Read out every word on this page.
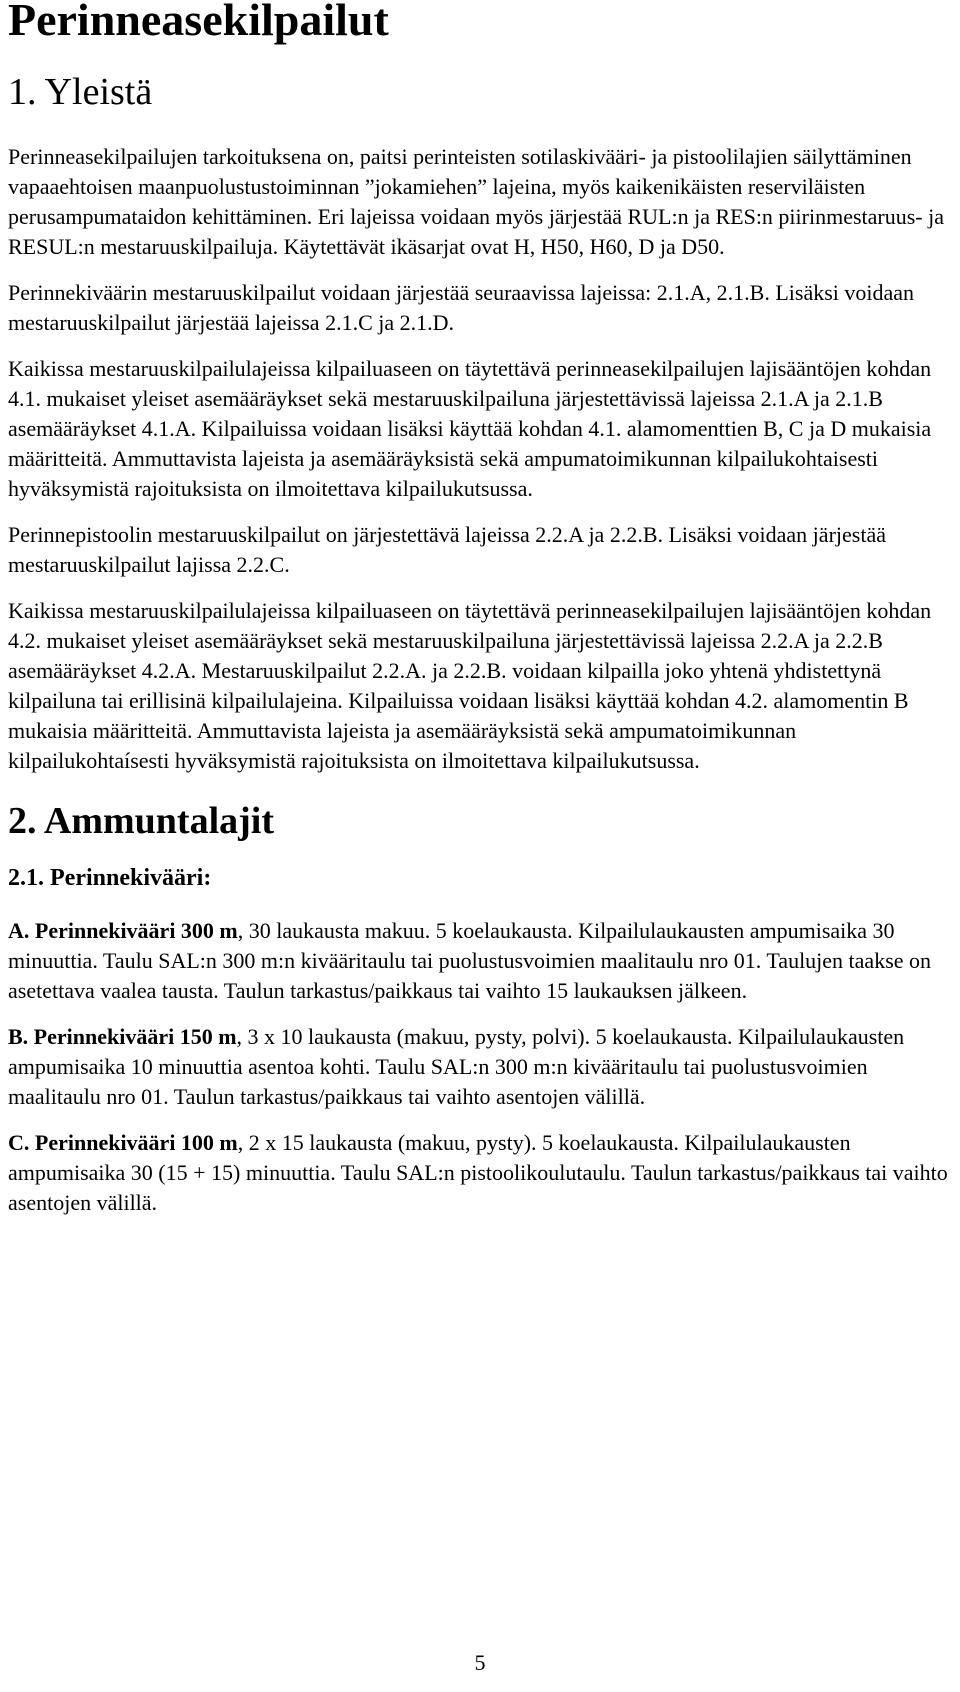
Perinneasekilpailut
1. Yleistä

Perinneasekilpailujen tarkoituksena on, paitsi perinteisten sotilaskivääri- ja pistoolilajien säilyttäminen vapaaehtoisen maanpuolustustoiminnan ”jokamiehen” lajeina, myös kaikenikäisten reserviläisten perusampumataidon kehittäminen. Eri lajeissa voidaan myös järjestää RUL:n ja RES:n piirinmestaruus- ja RESUL:n mestaruuskilpailuja. Käytettävät ikäsarjat ovat H, H50, H60, D ja D50.

Perinnekiväärin mestaruuskilpailut voidaan järjestää seuraavissa lajeissa: 2.1.A, 2.1.B. Lisäksi voidaan mestaruuskilpailut järjestää lajeissa 2.1.C ja 2.1.D.

Kaikissa mestaruuskilpailulajeissa kilpailuaseen on täytettävä perinneasekilpailujen lajisääntöjen kohdan 4.1. mukaiset yleiset asemääräykset sekä mestaruuskilpailuna järjestettävissä lajeissa 2.1.A ja 2.1.B asemääräykset 4.1.A. Kilpailuissa voidaan lisäksi käyttää kohdan 4.1. alamomenttien B, C ja D mukaisia määritteitä. Ammuttavista lajeista ja asemääräyksistä sekä ampumatoimikunnan kilpailukohtaisesti hyväksymistä rajoituksista on ilmoitettava kilpailukutsussa.

Perinnepistoolin mestaruuskilpailut on järjestettävä lajeissa 2.2.A ja 2.2.B. Lisäksi voidaan järjestää mestaruuskilpailut lajissa 2.2.C.

Kaikissa mestaruuskilpailulajeissa kilpailuaseen on täytettävä perinneasekilpailujen lajisääntöjen kohdan 4.2. mukaiset yleiset asemääräykset sekä mestaruuskilpailuna järjestettävissä lajeissa 2.2.A ja 2.2.B asemääräykset 4.2.A. Mestaruuskilpailut 2.2.A. ja 2.2.B. voidaan kilpailla joko yhtenä yhdistettynä kilpailuna tai erillisinä kilpailulajeina. Kilpailuissa voidaan lisäksi käyttää kohdan 4.2. alamomentin B mukaisia määritteitä. Ammuttavista lajeista ja asemääräyksistä sekä ampumatoimikunnan kilpailukohtaísesti hyväksymistä rajoituksista on ilmoitettava kilpailukutsussa.

2. Ammuntalajit
2.1. Perinnekivääri:

A. Perinnekivääri 300 m, 30 laukausta makuu. 5 koelaukausta. Kilpailulaukausten ampumisaika 30 minuuttia. Taulu SAL:n 300 m:n kivääritaulu tai puolustusvoimien maalitaulu nro 01. Taulujen taakse on asetettava vaalea tausta. Taulun tarkastus/paikkaus tai vaihto 15 laukauksen jälkeen.

B. Perinnekivääri 150 m, 3 x 10 laukausta (makuu, pysty, polvi). 5 koelaukausta. Kilpailulaukausten ampumisaika 10 minuuttia asentoa kohti. Taulu SAL:n 300 m:n kivääritaulu tai puolustusvoimien maalitaulu nro 01. Taulun tarkastus/paikkaus tai vaihto asentojen välillä.

C. Perinnekivääri 100 m, 2 x 15 laukausta (makuu, pysty). 5 koelaukausta. Kilpailulaukausten ampumisaika 30 (15 + 15) minuuttia. Taulu SAL:n pistoolikoulutaulu. Taulun tarkastus/paikkaus tai vaihto asentojen välillä.

5
